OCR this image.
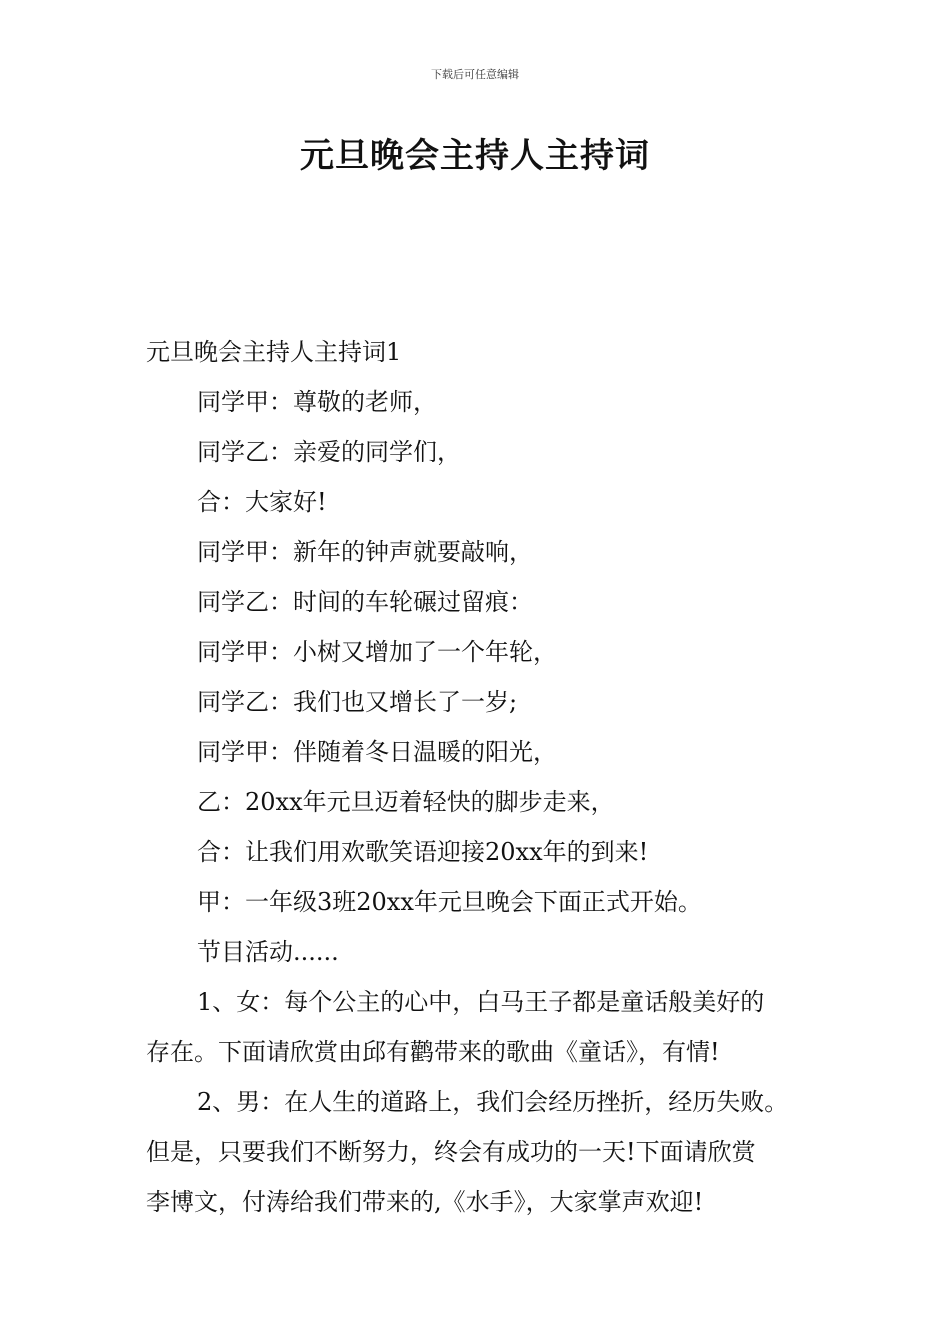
下载后可任意编辑
元旦晚会主持人主持词
元旦晚会主持人主持词1
同学甲：尊敬的老师，
同学乙：亲爱的同学们，
合：大家好!
同学甲：新年的钟声就要敲响，
同学乙：时间的车轮碾过留痕：
同学甲：小树又增加了一个年轮，
同学乙：我们也又增长了一岁;
同学甲：伴随着冬日温暖的阳光，
乙：20xx年元旦迈着轻快的脚步走来，
合：让我们用欢歌笑语迎接20xx年的到来!
甲：一年级3班20xx年元旦晚会下面正式开始。
节目活动......
1、女：每个公主的心中，白马王子都是童话般美好的
存在。下面请欣赏由邱有鹳带来的歌曲《童话》，有情!
2、男：在人生的道路上，我们会经历挫折，经历失败。
但是，只要我们不断努力，终会有成功的一天!下面请欣赏
李博文，付涛给我们带来的,《水手》，大家掌声欢迎!
